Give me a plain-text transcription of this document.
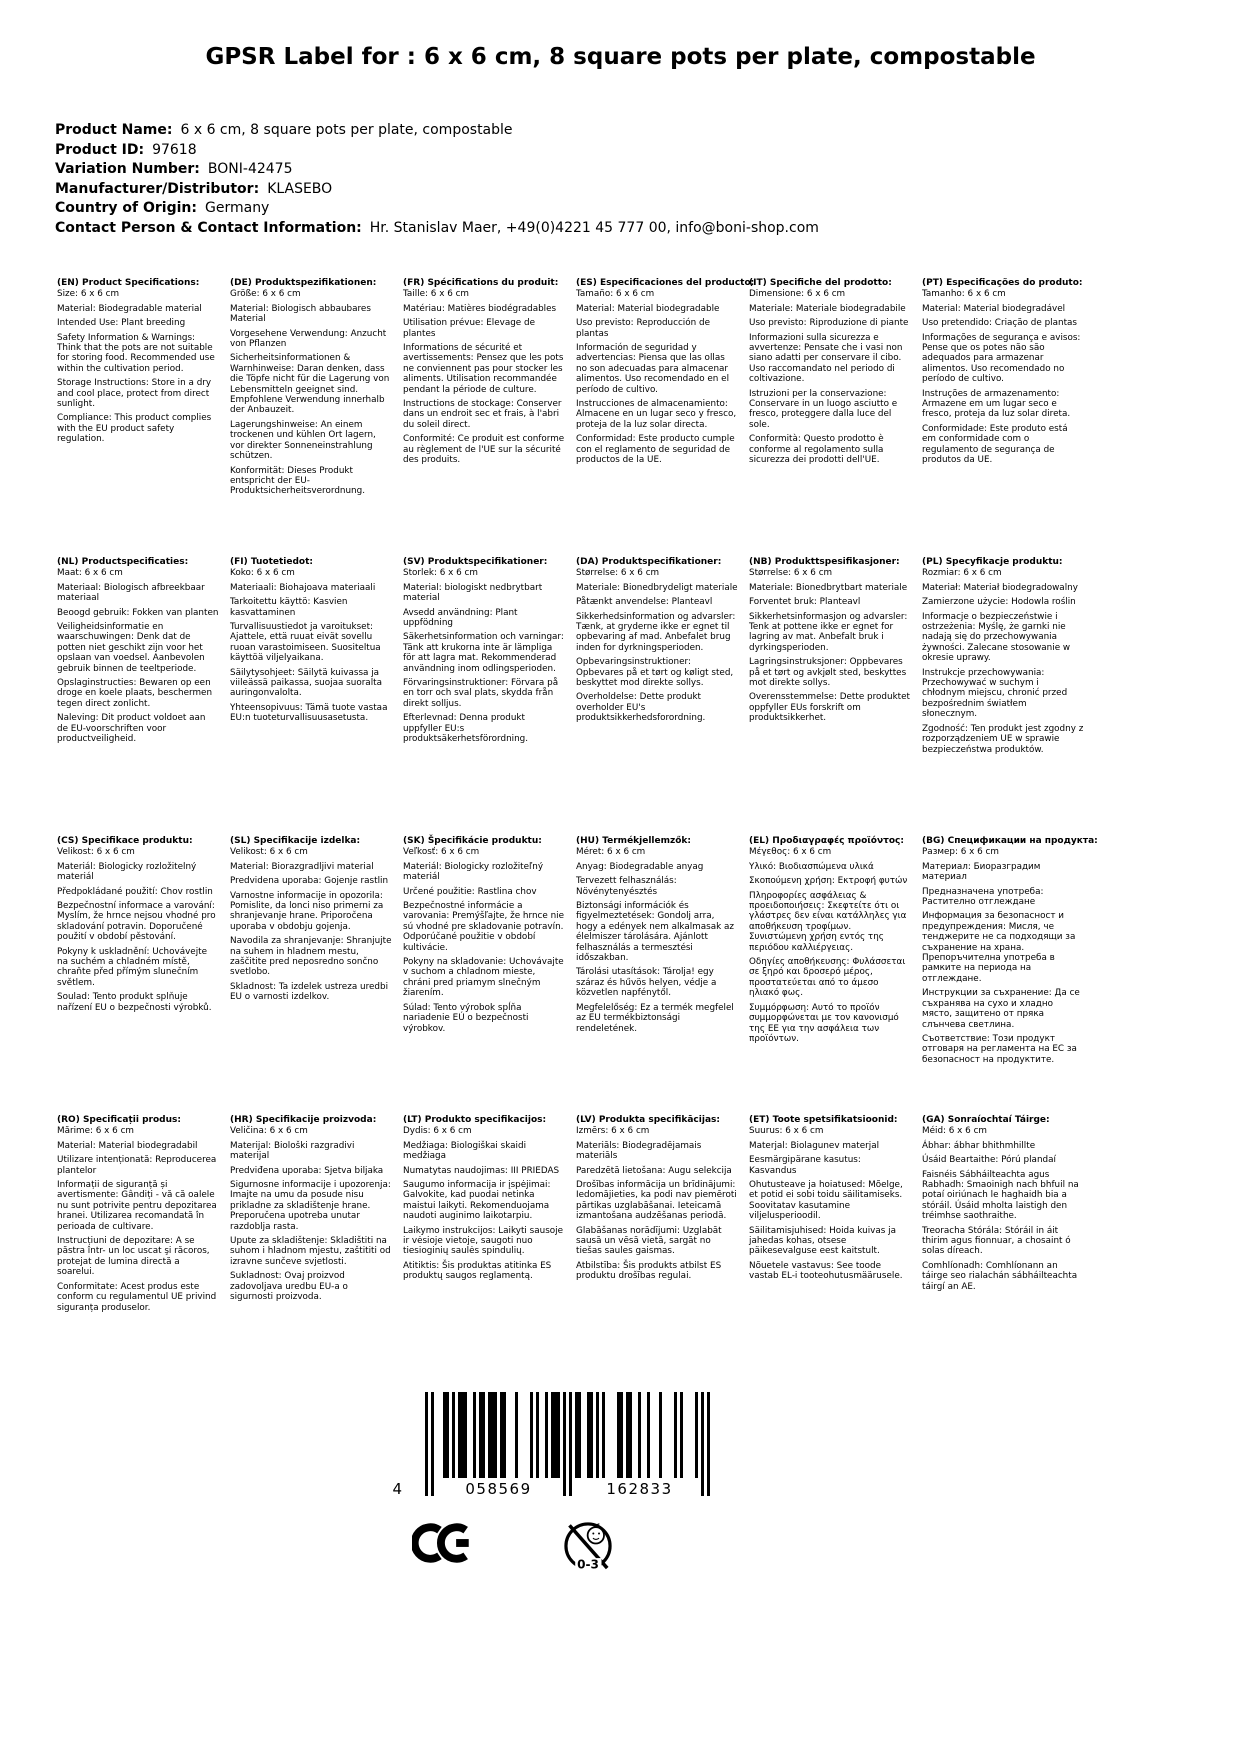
GPSR Label for : 6 x 6 cm, 8 square pots per plate, compostable
Product Name: 6 x 6 cm, 8 square pots per plate, compostable
Product ID: 97618
Variation Number: BONI-42475
Manufacturer/Distributor: KLASEBO
Country of Origin: Germany
Contact Person & Contact Information: Hr. Stanislav Maer, +49(0)4221 45 777 00, info@boni-shop.com
(EN) Product Specifications:
Size: 6 x 6 cm
Material: Biodegradable material
Intended Use: Plant breeding
Safety Information & Warnings: Think that the pots are not suitable for storing food. Recommended use within the cultivation period.
Storage Instructions: Store in a dry and cool place, protect from direct sunlight.
Compliance: This product complies with the EU product safety regulation.
(DE) Produktspezifikationen:
Größe: 6 x 6 cm
Material: Biologisch abbaubares Material
Vorgesehene Verwendung: Anzucht von Pflanzen
Sicherheitsinformationen & Warnhinweise: Daran denken, dass die Töpfe nicht für die Lagerung von Lebensmitteln geeignet sind. Empfohlene Verwendung innerhalb der Anbauzeit.
Lagerungshinweise: An einem trockenen und kühlen Ort lagern, vor direkter Sonneneinstrahlung schützen.
Konformität: Dieses Produkt entspricht der EU-Produktsicherheitsverordnung.
(FR) Spécifications du produit:
Taille: 6 x 6 cm
Matériau: Matières biodégradables
Utilisation prévue: Elevage de plantes
Informations de sécurité et avertissements: Pensez que les pots ne conviennent pas pour stocker les aliments. Utilisation recommandée pendant la période de culture.
Instructions de stockage: Conserver dans un endroit sec et frais, à l'abri du soleil direct.
Conformité: Ce produit est conforme au règlement de l'UE sur la sécurité des produits.
(ES) Especificaciones del producto:
Tamaño: 6 x 6 cm
Material: Material biodegradable
Uso previsto: Reproducción de plantas
Información de seguridad y advertencias: Piensa que las ollas no son adecuadas para almacenar alimentos. Uso recomendado en el período de cultivo.
Instrucciones de almacenamiento: Almacene en un lugar seco y fresco, proteja de la luz solar directa.
Conformidad: Este producto cumple con el reglamento de seguridad de productos de la UE.
(IT) Specifiche del prodotto:
Dimensione: 6 x 6 cm
Materiale: Materiale biodegradabile
Uso previsto: Riproduzione di piante
Informazioni sulla sicurezza e avvertenze: Pensate che i vasi non siano adatti per conservare il cibo. Uso raccomandato nel periodo di coltivazione.
Istruzioni per la conservazione: Conservare in un luogo asciutto e fresco, proteggere dalla luce del sole.
Conformità: Questo prodotto è conforme al regolamento sulla sicurezza dei prodotti dell'UE.
(PT) Especificações do produto:
Tamanho: 6 x 6 cm
Material: Material biodegradável
Uso pretendido: Criação de plantas
Informações de segurança e avisos: Pense que os potes não são adequados para armazenar alimentos. Uso recomendado no período de cultivo.
Instruções de armazenamento: Armazene em um lugar seco e fresco, proteja da luz solar direta.
Conformidade: Este produto está em conformidade com o regulamento de segurança de produtos da UE.
(NL) Productspecificaties:
Maat: 6 x 6 cm
Materiaal: Biologisch afbreekbaar materiaal
Beoogd gebruik: Fokken van planten
Veiligheidsinformatie en waarschuwingen: Denk dat de potten niet geschikt zijn voor het opslaan van voedsel. Aanbevolen gebruik binnen de teeltperiode.
Opslaginstructies: Bewaren op een droge en koele plaats, beschermen tegen direct zonlicht.
Naleving: Dit product voldoet aan de EU-voorschriften voor productveiligheid.
(FI) Tuotetiedot:
Koko: 6 x 6 cm
Materiaali: Biohajoava materiaali
Tarkoitettu käyttö: Kasvien kasvattaminen
Turvallisuustiedot ja varoitukset: Ajattele, että ruuat eivät sovellu ruoan varastoimiseen. Suositeltua käyttöä viljelyaikana.
Säilytysohjeet: Säilytä kuivassa ja viileässä paikassa, suojaa suoralta auringonvalolta.
Yhteensopivuus: Tämä tuote vastaa EU:n tuoteturvallisuusasetusta.
(SV) Produktspecifikationer:
Storlek: 6 x 6 cm
Material: biologiskt nedbrytbart material
Avsedd användning: Plant uppfödning
Säkerhetsinformation och varningar: Tänk att krukorna inte är lämpliga för att lagra mat. Rekommenderad användning inom odlingsperioden.
Förvaringsinstruktioner: Förvara på en torr och sval plats, skydda från direkt solljus.
Efterlevnad: Denna produkt uppfyller EU:s produktsäkerhetsförordning.
(DA) Produktspecifikationer:
Størrelse: 6 x 6 cm
Materiale: Bionedbrydeligt materiale
Påtænkt anvendelse: Planteavl
Sikkerhedsinformation og advarsler: Tænk, at gryderne ikke er egnet til opbevaring af mad. Anbefalet brug inden for dyrkningsperioden.
Opbevaringsinstruktioner: Opbevares på et tørt og køligt sted, beskyttet mod direkte sollys.
Overholdelse: Dette produkt overholder EU's produktsikkerhedsforordning.
(NB) Produkttspesifikasjoner:
Størrelse: 6 x 6 cm
Materiale: Bionedbrytbart materiale
Forventet bruk: Planteavl
Sikkerhetsinformasjon og advarsler: Tenk at pottene ikke er egnet for lagring av mat. Anbefalt bruk i dyrkingsperioden.
Lagringsinstruksjoner: Oppbevares på et tørt og avkjølt sted, beskyttes mot direkte sollys.
Overensstemmelse: Dette produktet oppfyller EUs forskrift om produktsikkerhet.
(PL) Specyfikacje produktu:
Rozmiar: 6 x 6 cm
Materiał: Materiał biodegradowalny
Zamierzone użycie: Hodowla roślin
Informacje o bezpieczeństwie i ostrzeżenia: Myślę, że garnki nie nadają się do przechowywania żywności. Zalecane stosowanie w okresie uprawy.
Instrukcje przechowywania: Przechowywać w suchym i chłodnym miejscu, chronić przed bezpośrednim światłem słonecznym.
Zgodność: Ten produkt jest zgodny z rozporządzeniem UE w sprawie bezpieczeństwa produktów.
(CS) Specifikace produktu:
Velikost: 6 x 6 cm
Materiál: Biologicky rozložitelný materiál
Předpokládané použití: Chov rostlin
Bezpečnostní informace a varování: Myslím, že hrnce nejsou vhodné pro skladování potravin. Doporučené použití v období pěstování.
Pokyny k uskladnění: Uchovávejte na suchém a chladném místě, chraňte před přímým slunečním světlem.
Soulad: Tento produkt splňuje nařízení EU o bezpečnosti výrobků.
(SL) Specifikacije izdelka:
Velikost: 6 x 6 cm
Material: Biorazgradljivi material
Predvidena uporaba: Gojenje rastlin
Varnostne informacije in opozorila: Pomislite, da lonci niso primerni za shranjevanje hrane. Priporočena uporaba v obdobju gojenja.
Navodila za shranjevanje: Shranjujte na suhem in hladnem mestu, zaščitite pred neposredno sončno svetlobo.
Skladnost: Ta izdelek ustreza uredbi EU o varnosti izdelkov.
(SK) Špecifikácie produktu:
Veľkosť: 6 x 6 cm
Materiál: Biologicky rozložiteľný materiál
Určené použitie: Rastlina chov
Bezpečnostné informácie a varovania: Premýšľajte, že hrnce nie sú vhodné pre skladovanie potravín. Odporúčané použitie v období kultivácie.
Pokyny na skladovanie: Uchovávajte v suchom a chladnom mieste, chráni pred priamym slnečným žiarením.
Súlad: Tento výrobok spĺňa nariadenie EÚ o bezpečnosti výrobkov.
(HU) Termékjellemzők:
Méret: 6 x 6 cm
Anyag: Biodegradable anyag
Tervezett felhasználás: Növénytenyésztés
Biztonsági információk és figyelmeztetések: Gondolj arra, hogy a edények nem alkalmasak az élelmiszer tárolására. Ajánlott felhasználás a termesztési időszakban.
Tárolási utasítások: Tárolja! egy száraz és hűvös helyen, védje a közvetlen napfénytől.
Megfelelőség: Ez a termék megfelel az EU termékbiztonsági rendeletének.
(EL) Προδιαγραφές προϊόντος:
Μέγεθος: 6 x 6 cm
Υλικό: Βιοδιασπώμενα υλικά
Σκοπούμενη χρήση: Εκτροφή φυτών
Πληροφορίες ασφάλειας & προειδοποιήσεις: Σκεφτείτε ότι οι γλάστρες δεν είναι κατάλληλες για αποθήκευση τροφίμων. Συνιστώμενη χρήση εντός της περιόδου καλλιέργειας.
Οδηγίες αποθήκευσης: Φυλάσσεται σε ξηρό και δροσερό μέρος, προστατεύεται από το άμεσο ηλιακό φως.
Συμμόρφωση: Αυτό το προϊόν συμμορφώνεται με τον κανονισμό της ΕΕ για την ασφάλεια των προϊόντων.
(BG) Спецификации на продукта:
Размер: 6 x 6 cm
Материал: Биоразградим материал
Предназначена употреба: Растително отглеждане
Информация за безопасност и предупреждения: Мисля, че тенджерите не са подходящи за съхранение на храна. Препоръчителна употреба в рамките на периода на отглеждане.
Инструкции за съхранение: Да се съхранява на сухо и хладно място, защитено от пряка слънчева светлина.
Съответствие: Този продукт отговаря на регламента на ЕС за безопасност на продуктите.
(RO) Specificații produs:
Mărime: 6 x 6 cm
Material: Material biodegradabil
Utilizare intenționată: Reproducerea plantelor
Informații de siguranță și avertismente: Gândiți - vă că oalele nu sunt potrivite pentru depozitarea hranei. Utilizarea recomandată în perioada de cultivare.
Instrucțiuni de depozitare: A se păstra într- un loc uscat şi răcoros, protejat de lumina directă a soarelui.
Conformitate: Acest produs este conform cu regulamentul UE privind siguranța produselor.
(HR) Specifikacije proizvoda:
Veličina: 6 x 6 cm
Materijal: Biološki razgradivi materijal
Predviđena uporaba: Sjetva biljaka
Sigurnosne informacije i upozorenja: Imajte na umu da posude nisu prikladne za skladištenje hrane. Preporučena upotreba unutar razdoblja rasta.
Upute za skladištenje: Skladištiti na suhom i hladnom mjestu, zaštititi od izravne sunčeve svjetlosti.
Sukladnost: Ovaj proizvod zadovoljava uredbu EU-a o sigurnosti proizvoda.
(LT) Produkto specifikacijos:
Dydis: 6 x 6 cm
Medžiaga: Biologiškai skaidi medžiaga
Numatytas naudojimas: III PRIEDAS
Saugumo informacija ir įspėjimai: Galvokite, kad puodai netinka maistui laikyti. Rekomenduojama naudoti auginimo laikotarpiu.
Laikymo instrukcijos: Laikyti sausoje ir vėsioje vietoje, saugoti nuo tiesioginių saulės spindulių.
Atitiktis: Šis produktas atitinka ES produktų saugos reglamentą.
(LV) Produkta specifikācijas:
Izmērs: 6 x 6 cm
Materiāls: Biodegradējamais materiāls
Paredzētā lietošana: Augu selekcija
Drošības informācija un brīdinājumi: Iedomājieties, ka podi nav piemēroti pārtikas uzglabāšanai. Ieteicamā izmantošana audzēšanas periodā.
Glabāšanas norādījumi: Uzglabāt sausā un vēsā vietā, sargāt no tiešas saules gaismas.
Atbilstība: Šis produkts atbilst ES produktu drošības regulai.
(ET) Toote spetsifikatsioonid:
Suurus: 6 x 6 cm
Materjal: Biolagunev materjal
Eesmärgipärane kasutus: Kasvandus
Ohutusteave ja hoiatused: Mõelge, et potid ei sobi toidu säilitamiseks. Soovitatav kasutamine viljelusperioodil.
Säilitamisjuhised: Hoida kuivas ja jahedas kohas, otsese päikesevalguse eest kaitstult.
Nõuetele vastavus: See toode vastab EL-i tooteohutusmäärusele.
(GA) Sonraíochtaí Táirge:
Méid: 6 x 6 cm
Ábhar: ábhar bhithmhillte
Úsáid Beartaithe: Pórú plandaí
Faisnéis Sábháilteachta agus Rabhadh: Smaoinigh nach bhfuil na potaí oiriúnach le haghaidh bia a stóráil. Úsáid mholta laistigh den tréimhse saothraithe.
Treoracha Stórála: Stóráil in áit thirim agus fionnuar, a chosaint ó solas díreach.
Comhlíonadh: Comhlíonann an táirge seo rialachán sábháilteachta táirgí an AE.
4	058569	162833
0-3
